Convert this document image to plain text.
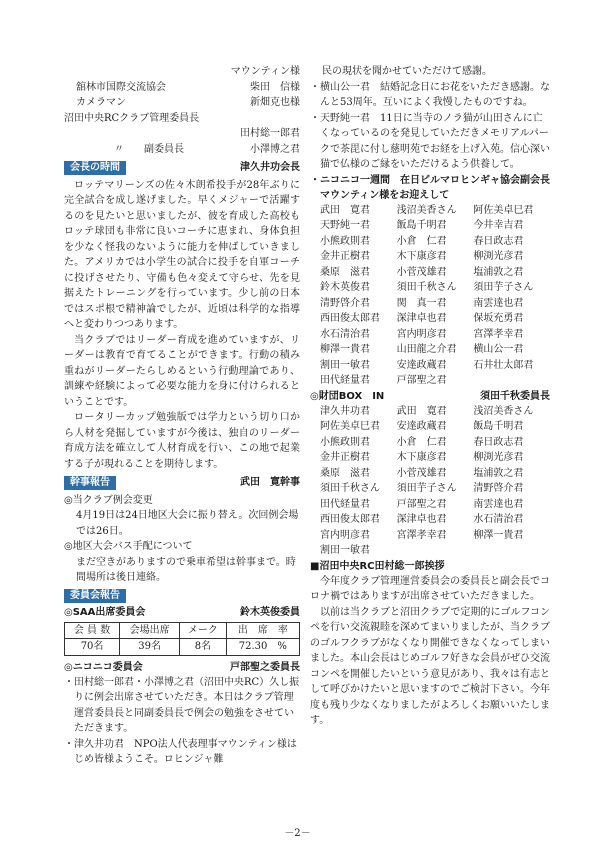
マウンティン様
舘林市国際交流協会	柴田　信様
カメラマン	新畑克也様
沼田中央RCクラブ管理委員長
田村総一郎君
〃　　副委員長	小澤博之君
会長の時間	津久井功会長
ロッテマリーンズの佐々木朗希投手が28年ぶりに完全試合を成し遂げました。早くメジャーで活躍するのを見たいと思いましたが、彼を育成した高校もロッテ球団も非常に良いコーチに恵まれ、身体負担を少なく怪我のないように能力を伸ばしていきました。アメリカでは小学生の試合に投手を自軍コーチに投げさせたり、守備も色々変えて守らせ、先を見据えたトレーニングを行っています。少し前の日本ではスポ根で精神論でしたが、近頃は科学的な指導へと変わりつつあります。
当クラブではリーダー育成を進めていますが、リーダーは教育で育てることができます。行動の積み重ねがリーダーたらしめるという行動理論であり、訓練や経験によって必要な能力を身に付けられるということです。
ロータリーカップ勉強版では学力という切り口から人材を発掘していますが今後は、独自のリーダー育成方法を確立して人材育成を行い、この地で起業する子が現れることを期待します。
幹事報告	武田　寛幹事
◎当クラブ例会変更
4月19日は24日地区大会に振り替え。次回例会場では26日。
◎地区大会バス手配について
まだ空きがありますので乗車希望は幹事まで。時間場所は後日連絡。
委員会報告
◎SAA出席委員会	鈴木英俊委員
会 員 数	会場出席	メーク	出　席　率
70名	39名	8名	72.30　%
◎ニコニコ委員会	戸部聖之委員長
・田村総一郎君・小澤博之君（沼田中央RC）久し振りに例会出席させていただき。本日はクラブ管理運営委員長と同副委員長で例会の勉強をさせていただきます。
・津久井功君　NPO法人代表理事マウンティン様はじめ皆様ようこそ。ロヒンジャ難
民の現状を聞かせていただけて感謝。
・横山公一君　結婚記念日にお花をいただき感謝。なんと53周年。互いによく我慢したものですね。
・天野純一君　11日に当寺のノラ猫が山田さんに亡くなっているのを発見していただきメモリアルパークで茶毘に付し慈明苑でお経を上げ入苑。信心深い猫で仏様のご縁をいただけるよう供養して。
・ニコニコ一週間　在日ビルマロヒンギャ協会副会長マウンティン様をお迎えして
武田　寛君	浅沼美香さん	阿佐美卓巳君
天野純一君	飯島千明君	今井幸吉君
小熊政則君	小倉　仁君	春日政志君
金井正樹君	木下康彦君	柳渕光彦君
桑原　滋君	小菅茂雄君	塩浦敦之君
鈴木英俊君	須田千秋さん	須田芋子さん
清野啓介君	関　真一君	南雲達也君
西田俊太郎君	深津卓也君	保坂充勇君
水石清治君	宮内明彦君	宮澤孝幸君
柳澤一貴君	山田龍之介君	横山公一君
割田一敏君	安達政蔵君	石井壮太郎君
田代経量君	戸部聖之君
◎財団BOX　IN	須田千秋委員長
津久井功君	武田　寛君	浅沼美香さん
阿佐美卓巳君	安達政蔵君	飯島千明君
小熊政則君	小倉　仁君	春日政志君
金井正樹君	木下康彦君	柳渕光彦君
桑原　滋君	小菅茂雄君	塩浦敦之君
須田千秋さん	須田芋子さん	清野啓介君
田代経量君	戸部聖之君	南雲達也君
西田俊太郎君	深津卓也君	水石清治君
宮内明彦君	宮澤孝幸君	柳澤一貴君
割田一敏君
■沼田中央RC田村総一郎挨拶
今年度クラブ管理運営委員会の委員長と副会長でコロナ禍ではありますが出席させていただきました。
以前は当クラブと沼田クラブで定期的にゴルフコンペを行い交流親睦を深めてまいりましたが、当クラブのゴルフクラブがなくなり開催できなくなってしまいました。本山会長はじめゴルフ好きな会員がぜひ交流コンペを開催したいという意見があり、我々は有志として呼びかけたいと思いますのでご検討下さい。今年度も残り少なくなりましたがよろしくお願いいたします。
－2－
